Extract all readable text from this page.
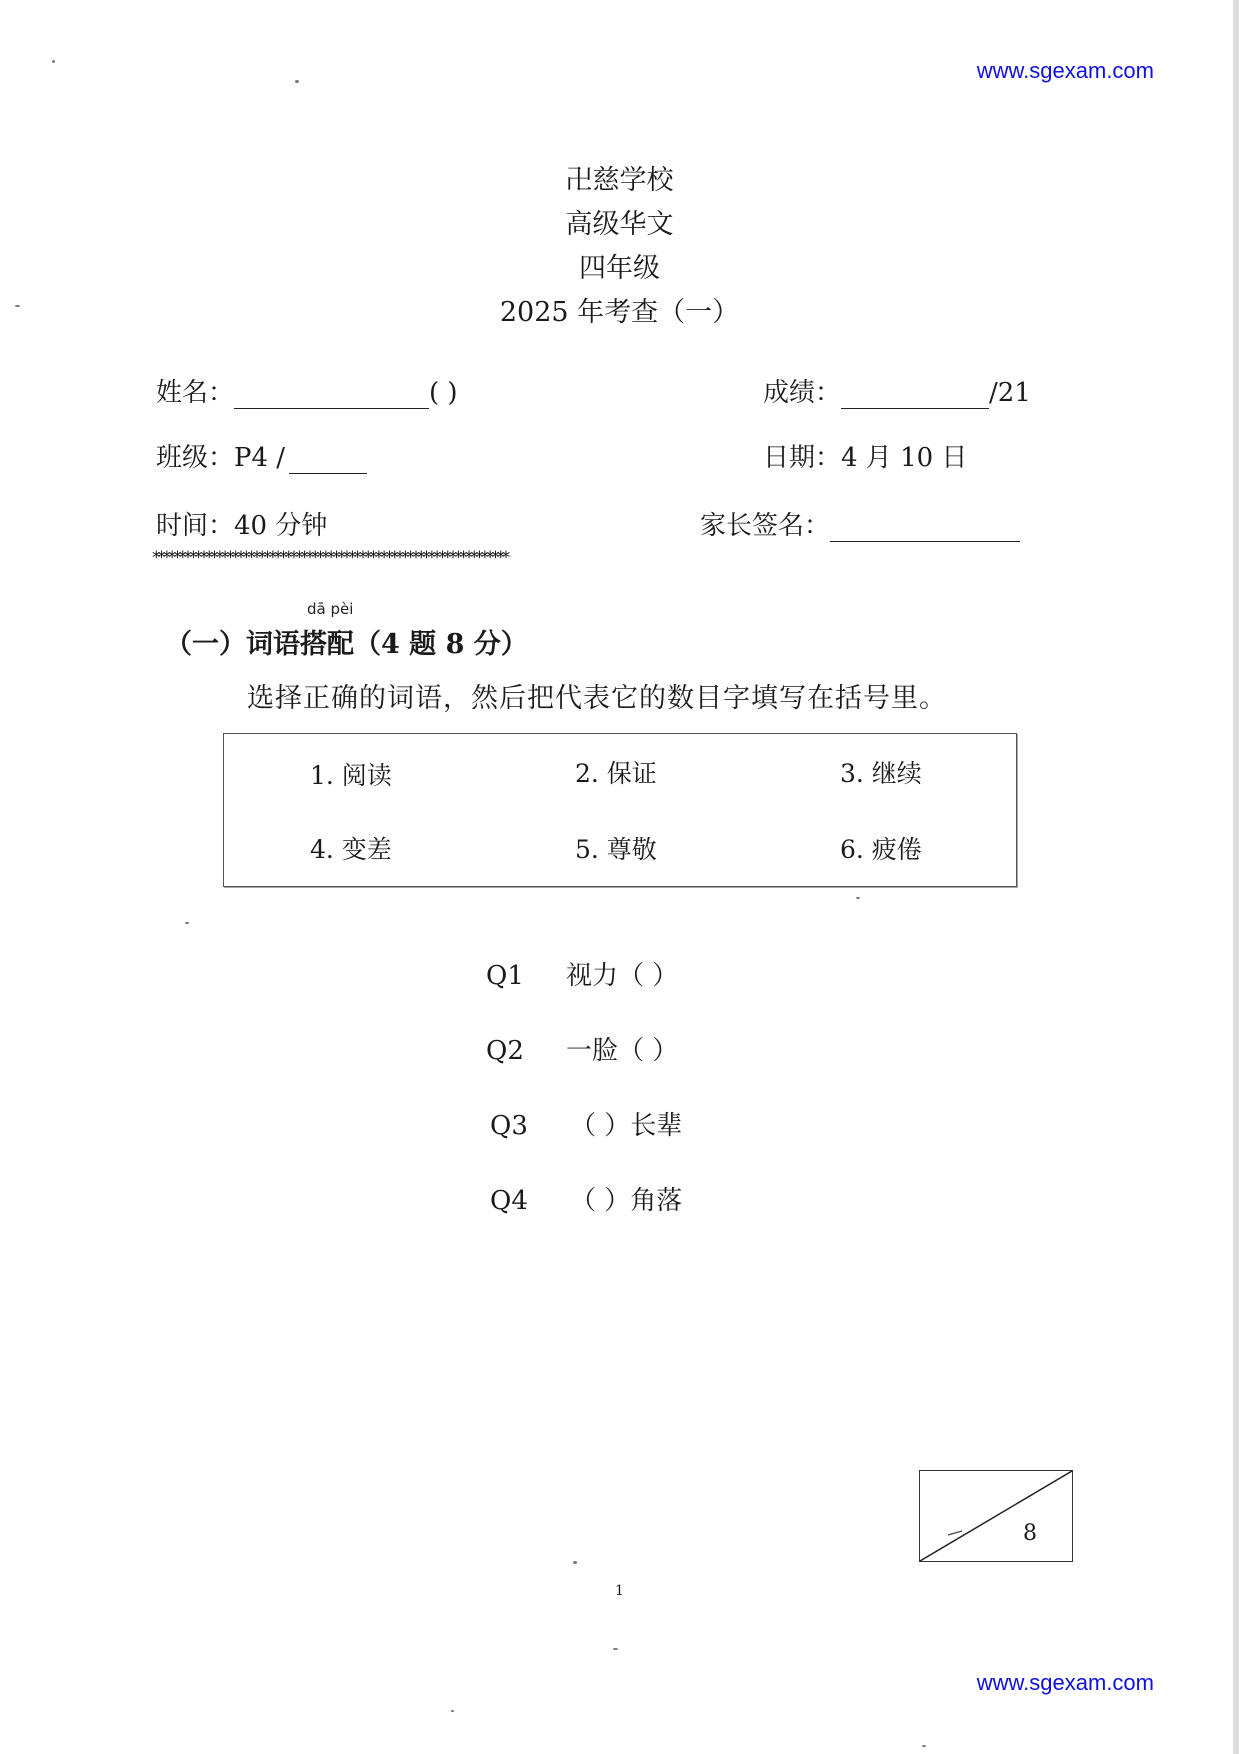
www.sgexam.com
卍慈学校
高级华文
四年级
2025 年考查（一）
姓名：	( )	成绩：	/21
班级：P4 /	日期：4 月 10 日
时间：40 分钟	家长签名：
*******************************************************************
dā pèi
（一）词语搭配（4 题 8 分）
选择正确的词语，然后把代表它的数目字填写在括号里。
1. 阅读	2. 保证	3. 继续
4. 变差	5. 尊敬	6. 疲倦
Q1 视力（ ）
Q2 一脸（ ）
Q3 （ ）长辈
Q4 （ ）角落
8
1
www.sgexam.com
